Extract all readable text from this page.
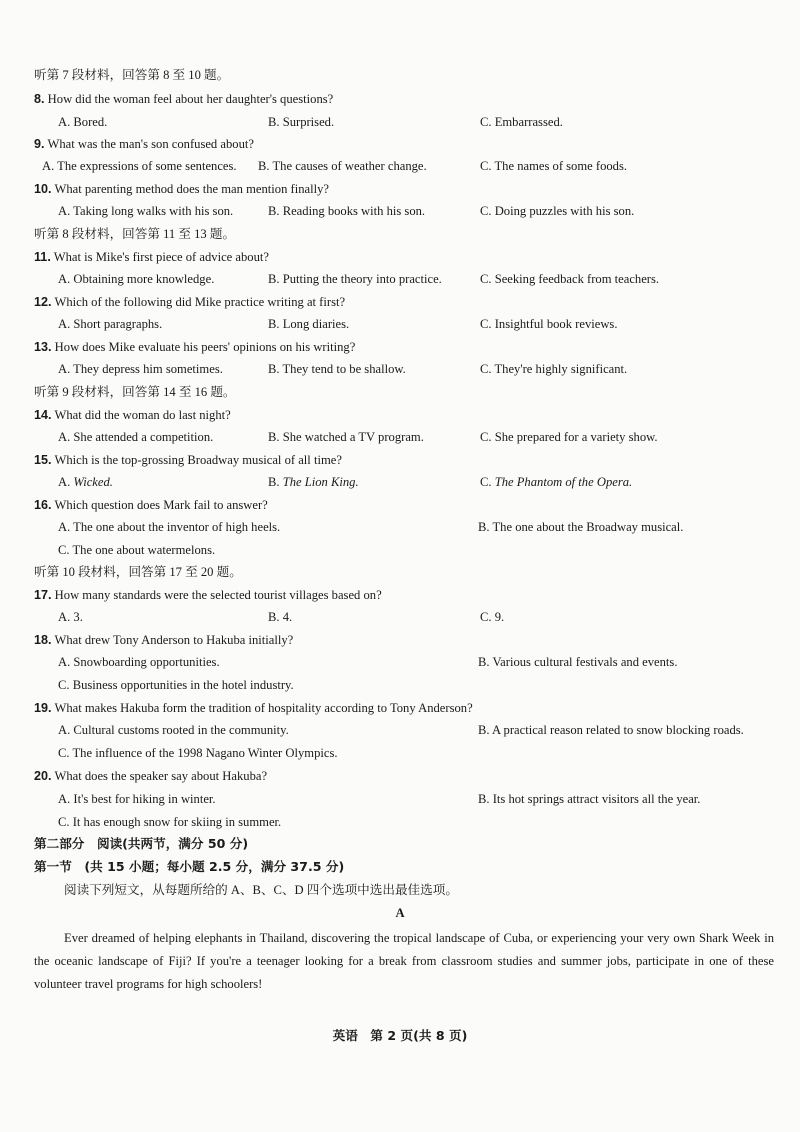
听第 7 段材料，回答第 8 至 10 题。
8. How did the woman feel about her daughter's questions?
A. Bored.	B. Surprised.	C. Embarrassed.
9. What was the man's son confused about?
A. The expressions of some sentences. B. The causes of weather change.	C. The names of some foods.
10. What parenting method does the man mention finally?
A. Taking long walks with his son.	B. Reading books with his son.	C. Doing puzzles with his son.
听第 8 段材料，回答第 11 至 13 题。
11. What is Mike's first piece of advice about?
A. Obtaining more knowledge.	B. Putting the theory into practice.	C. Seeking feedback from teachers.
12. Which of the following did Mike practice writing at first?
A. Short paragraphs.	B. Long diaries.	C. Insightful book reviews.
13. How does Mike evaluate his peers' opinions on his writing?
A. They depress him sometimes.	B. They tend to be shallow.	C. They're highly significant.
听第 9 段材料，回答第 14 至 16 题。
14. What did the woman do last night?
A. She attended a competition.	B. She watched a TV program.	C. She prepared for a variety show.
15. Which is the top-grossing Broadway musical of all time?
A. Wicked.	B. The Lion King.	C. The Phantom of the Opera.
16. Which question does Mark fail to answer?
A. The one about the inventor of high heels.	B. The one about the Broadway musical.
C. The one about watermelons.
听第 10 段材料，回答第 17 至 20 题。
17. How many standards were the selected tourist villages based on?
A. 3.	B. 4.	C. 9.
18. What drew Tony Anderson to Hakuba initially?
A. Snowboarding opportunities.	B. Various cultural festivals and events.
C. Business opportunities in the hotel industry.
19. What makes Hakuba form the tradition of hospitality according to Tony Anderson?
A. Cultural customs rooted in the community.	B. A practical reason related to snow blocking roads.
C. The influence of the 1998 Nagano Winter Olympics.
20. What does the speaker say about Hakuba?
A. It's best for hiking in winter.	B. Its hot springs attract visitors all the year.
C. It has enough snow for skiing in summer.
第二部分　阅读(共两节，满分 50 分)
第一节　(共 15 小题；每小题 2.5 分，满分 37.5 分)
阅读下列短文，从每题所给的 A、B、C、D 四个选项中选出最佳选项。
A
Ever dreamed of helping elephants in Thailand, discovering the tropical landscape of Cuba, or experiencing your very own Shark Week in the oceanic landscape of Fiji? If you're a teenager looking for a break from classroom studies and summer jobs, participate in one of these volunteer travel programs for high schoolers!
英语　第 2 页(共 8 页)
